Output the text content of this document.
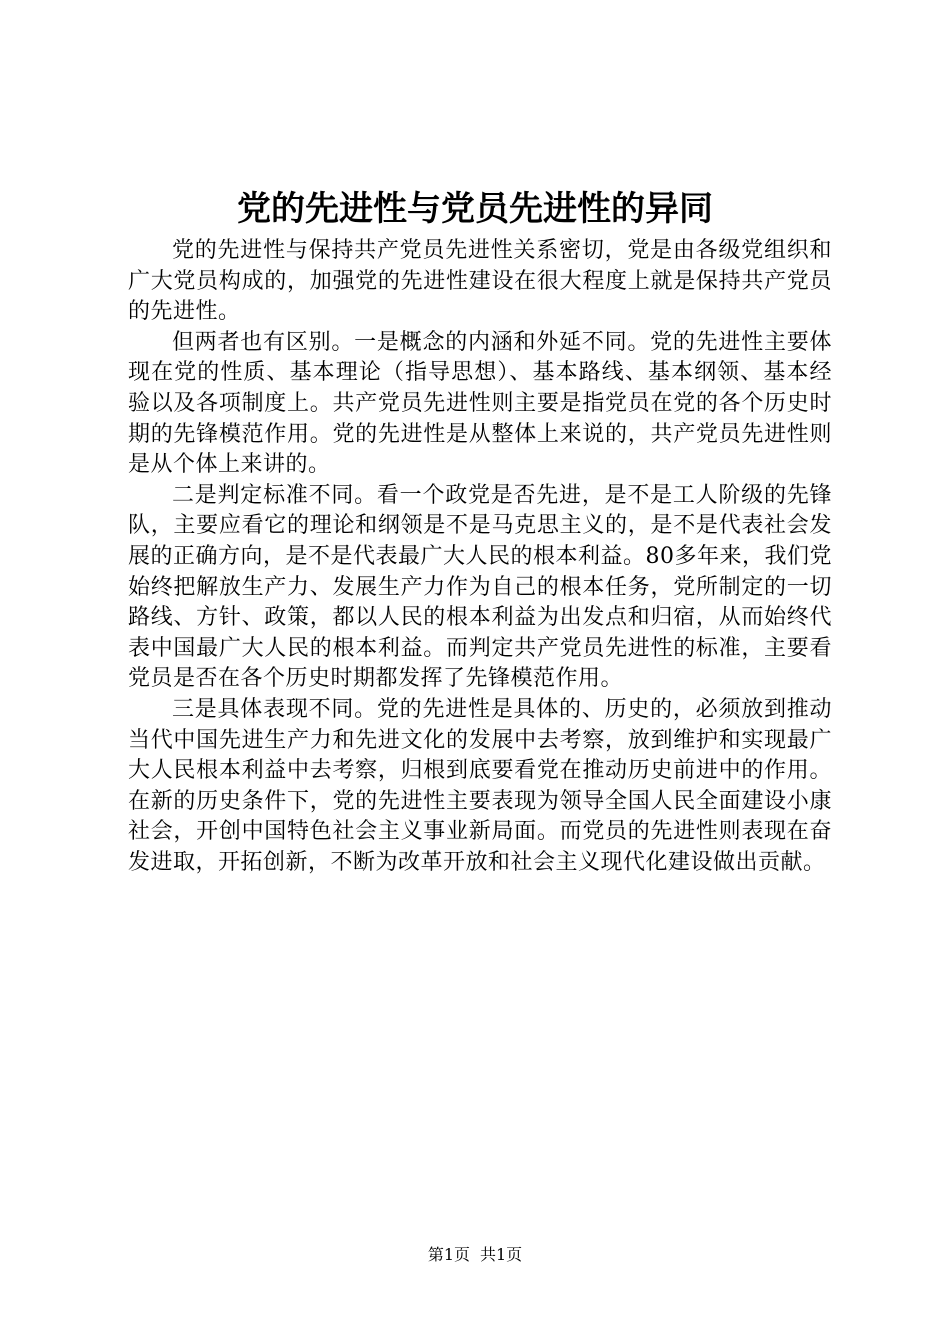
党的先进性与党员先进性的异同

党的先进性与保持共产党员先进性关系密切，党是由各级党组织和广大党员构成的，加强党的先进性建设在很大程度上就是保持共产党员的先进性。

但两者也有区别。一是概念的内涵和外延不同。党的先进性主要体现在党的性质、基本理论（指导思想）、基本路线、基本纲领、基本经验以及各项制度上。共产党员先进性则主要是指党员在党的各个历史时期的先锋模范作用。党的先进性是从整体上来说的，共产党员先进性则是从个体上来讲的。

二是判定标准不同。看一个政党是否先进，是不是工人阶级的先锋队，主要应看它的理论和纲领是不是马克思主义的，是不是代表社会发展的正确方向，是不是代表最广大人民的根本利益。80多年来，我们党始终把解放生产力、发展生产力作为自己的根本任务，党所制定的一切路线、方针、政策，都以人民的根本利益为出发点和归宿，从而始终代表中国最广大人民的根本利益。而判定共产党员先进性的标准，主要看党员是否在各个历史时期都发挥了先锋模范作用。

三是具体表现不同。党的先进性是具体的、历史的，必须放到推动当代中国先进生产力和先进文化的发展中去考察，放到维护和实现最广大人民根本利益中去考察，归根到底要看党在推动历史前进中的作用。在新的历史条件下，党的先进性主要表现为领导全国人民全面建设小康社会，开创中国特色社会主义事业新局面。而党员的先进性则表现在奋发进取，开拓创新，不断为改革开放和社会主义现代化建设做出贡献。

第1页 共1页
